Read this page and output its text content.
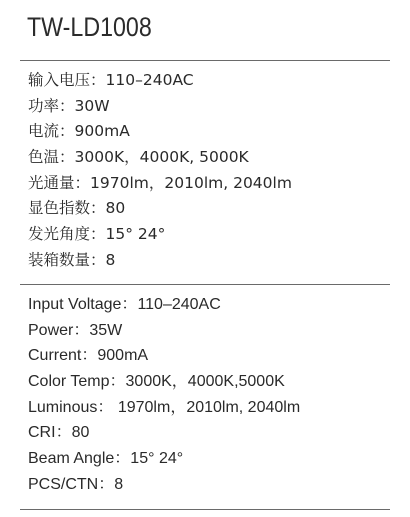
TW-LD1008
输入电压：110–240AC
功率：30W
电流：900mA
色温：3000K，4000K, 5000K
光通量：1970lm，2010lm, 2040lm
显色指数：80
发光角度：15° 24°
装箱数量：8
Input Voltage：110–240AC
Power：35W
Current：900mA
Color Temp：3000K，4000K,5000K
Luminous： 1970lm，2010lm, 2040lm
CRI：80
Beam Angle：15° 24°
PCS/CTN：8
